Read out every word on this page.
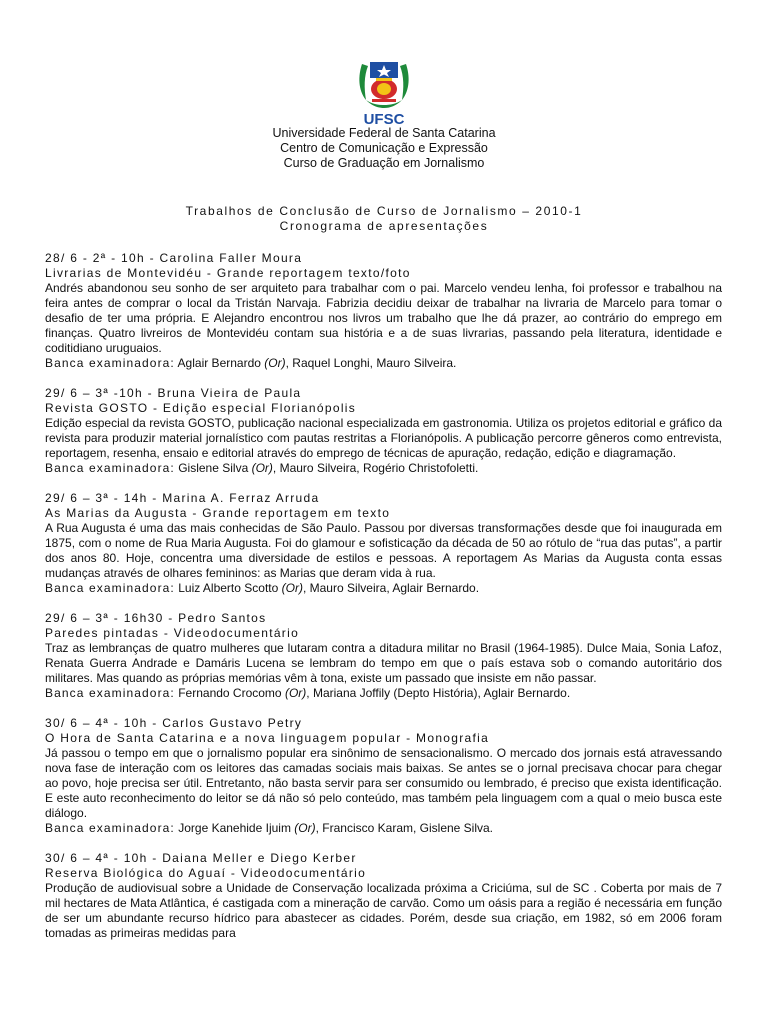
UFSC
Universidade Federal de Santa Catarina
Centro de Comunicação e Expressão
Curso de Graduação em Jornalismo
Trabalhos de Conclusão de Curso de Jornalismo – 2010-1
Cronograma de apresentações
28/ 6 - 2ª - 10h - Carolina Faller Moura
Livrarias de Montevidéu - Grande reportagem texto/foto
Andrés abandonou seu sonho de ser arquiteto para trabalhar com o pai. Marcelo vendeu lenha, foi professor e trabalhou na feira antes de comprar o local da Tristán Narvaja. Fabrizia decidiu deixar de trabalhar na livraria de Marcelo para tomar o desafio de ter uma própria. E Alejandro encontrou nos livros um trabalho que lhe dá prazer, ao contrário do emprego em finanças. Quatro livreiros de Montevidéu contam sua história e a de suas livrarias, passando pela literatura, identidade e coditidiano uruguaios.
Banca examinadora: Aglair Bernardo (Or), Raquel Longhi, Mauro Silveira.
29/ 6 – 3ª -10h - Bruna Vieira de Paula
Revista GOSTO - Edição especial Florianópolis
Edição especial da revista GOSTO, publicação nacional especializada em gastronomia. Utiliza os projetos editorial e gráfico da revista para produzir material jornalístico com pautas restritas a Florianópolis. A publicação percorre gêneros como entrevista, reportagem, resenha, ensaio e editorial através do emprego de técnicas de apuração, redação, edição e diagramação.
Banca examinadora: Gislene Silva (Or), Mauro Silveira, Rogério Christofoletti.
29/ 6 – 3ª - 14h - Marina A. Ferraz Arruda
As Marias da Augusta - Grande reportagem em texto
A Rua Augusta é uma das mais conhecidas de São Paulo. Passou por diversas transformações desde que foi inaugurada em 1875, com o nome de Rua Maria Augusta. Foi do glamour e sofisticação da década de 50 ao rótulo de “rua das putas”, a partir dos anos 80. Hoje, concentra uma diversidade de estilos e pessoas. A reportagem As Marias da Augusta conta essas mudanças através de olhares femininos: as Marias que deram vida à rua.
Banca examinadora: Luiz Alberto Scotto (Or), Mauro Silveira, Aglair Bernardo.
29/ 6 – 3ª - 16h30 - Pedro Santos
Paredes pintadas - Videodocumentário
Traz as lembranças de quatro mulheres que lutaram contra a ditadura militar no Brasil (1964-1985). Dulce Maia, Sonia Lafoz, Renata Guerra Andrade e Damáris Lucena se lembram do tempo em que o país estava sob o comando autoritário dos militares. Mas quando as próprias memórias vêm à tona, existe um passado que insiste em não passar.
Banca examinadora: Fernando Crocomo (Or), Mariana Joffily (Depto História), Aglair Bernardo.
30/ 6 – 4ª - 10h - Carlos Gustavo Petry
O Hora de Santa Catarina e a nova linguagem popular - Monografia
Já passou o tempo em que o jornalismo popular era sinônimo de sensacionalismo. O mercado dos jornais está atravessando nova fase de interação com os leitores das camadas sociais mais baixas. Se antes se o jornal precisava chocar para chegar ao povo, hoje precisa ser útil. Entretanto, não basta servir para ser consumido ou lembrado, é preciso que exista identificação. E este auto reconhecimento do leitor se dá não só pelo conteúdo, mas também pela linguagem com a qual o meio busca este diálogo.
Banca examinadora: Jorge Kanehide Ijuim (Or), Francisco Karam, Gislene Silva.
30/ 6 – 4ª - 10h - Daiana Meller e Diego Kerber
Reserva Biológica do Aguaí - Videodocumentário
Produção de audiovisual sobre a Unidade de Conservação localizada próxima a Criciúma, sul de SC . Coberta por mais de 7 mil hectares de Mata Atlântica, é castigada com a mineração de carvão. Como um oásis para a região é necessária em função de ser um abundante recurso hídrico para abastecer as cidades. Porém, desde sua criação, em 1982, só em 2006 foram tomadas as primeiras medidas para
